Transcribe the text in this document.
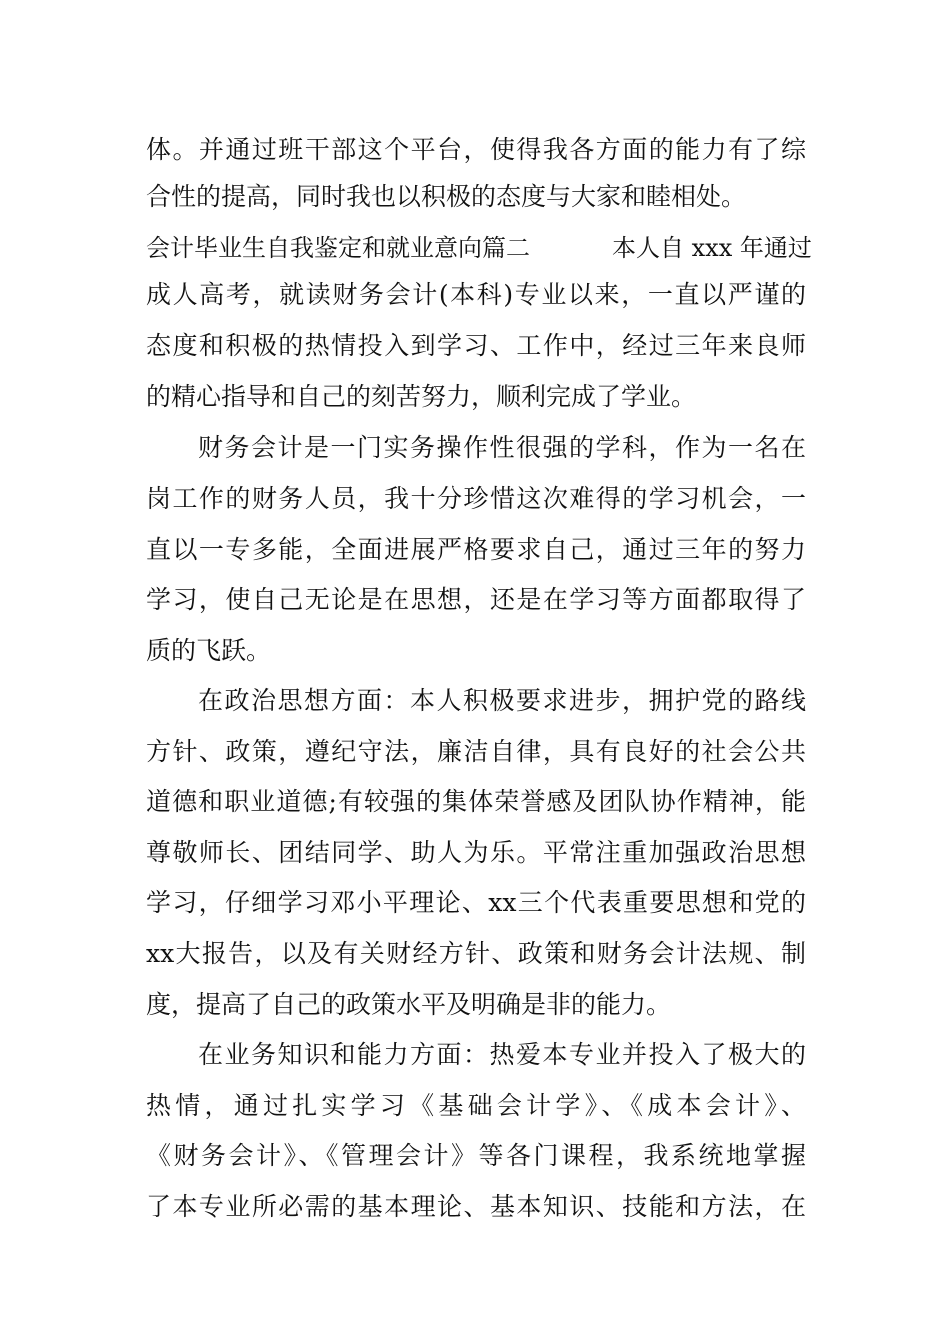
体。并通过班干部这个平台，使得我各方面的能力有了综
合性的提高，同时我也以积极的态度与大家和睦相处。
会计毕业生自我鉴定和就业意向篇二	本人自 xxx 年通过
成人高考，就读财务会计(本科)专业以来，一直以严谨的
态度和积极的热情投入到学习、工作中，经过三年来良师
的精心指导和自己的刻苦努力，顺利完成了学业。
财务会计是一门实务操作性很强的学科，作为一名在
岗工作的财务人员，我十分珍惜这次难得的学习机会，一
直以一专多能，全面进展严格要求自己，通过三年的努力
学习，使自己无论是在思想，还是在学习等方面都取得了
质的飞跃。
在政治思想方面：本人积极要求进步，拥护党的路线
方针、政策，遵纪守法，廉洁自律，具有良好的社会公共
道德和职业道德;有较强的集体荣誉感及团队协作精神，能
尊敬师长、团结同学、助人为乐。平常注重加强政治思想
学习，仔细学习邓小平理论、xx三个代表重要思想和党的
xx大报告，以及有关财经方针、政策和财务会计法规、制
度，提高了自己的政策水平及明确是非的能力。
在业务知识和能力方面：热爱本专业并投入了极大的
热情，通过扎实学习《基础会计学》、《成本会计》、
《财务会计》、《管理会计》等各门课程，我系统地掌握
了本专业所必需的基本理论、基本知识、技能和方法，在
